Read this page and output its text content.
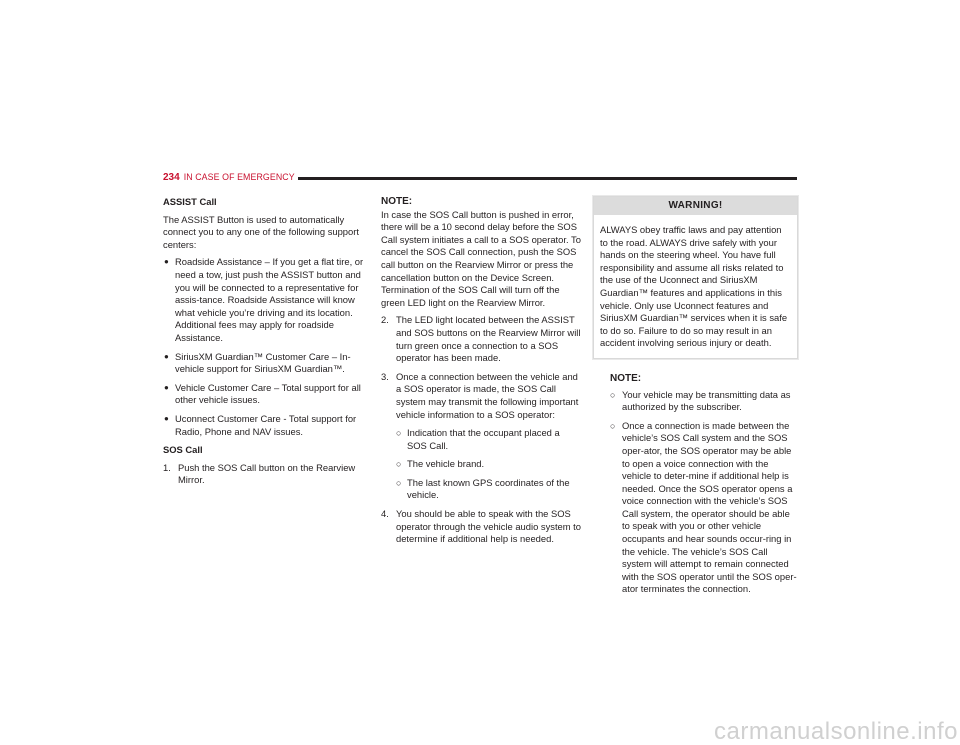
234 IN CASE OF EMERGENCY

ASSIST Call

The ASSIST Button is used to automatically connect you to any one of the following support centers:

● Roadside Assistance – If you get a flat tire, or need a tow, just push the ASSIST button and you will be connected to a representative for assis-tance. Roadside Assistance will know what vehicle you’re driving and its location. Additional fees may apply for roadside Assistance.
● SiriusXM Guardian™ Customer Care – In-vehicle support for SiriusXM Guardian™.
● Vehicle Customer Care – Total support for all other vehicle issues.
● Uconnect Customer Care - Total support for Radio, Phone and NAV issues.

SOS Call

1. Push the SOS Call button on the Rearview Mirror.

NOTE:

In case the SOS Call button is pushed in error, there will be a 10 second delay before the SOS Call system initiates a call to a SOS operator. To cancel the SOS Call connection, push the SOS call button on the Rearview Mirror or press the cancellation button on the Device Screen. Termination of the SOS Call will turn off the green LED light on the Rearview Mirror.

2. The LED light located between the ASSIST and SOS buttons on the Rearview Mirror will turn green once a connection to a SOS operator has been made.
3. Once a connection between the vehicle and a SOS operator is made, the SOS Call system may transmit the following important vehicle information to a SOS operator:
○ Indication that the occupant placed a SOS Call.
○ The vehicle brand.
○ The last known GPS coordinates of the vehicle.
4. You should be able to speak with the SOS operator through the vehicle audio system to determine if additional help is needed.
WARNING!
ALWAYS obey traffic laws and pay attention to the road. ALWAYS drive safely with your hands on the steering wheel. You have full responsibility and assume all risks related to the use of the Uconnect and SiriusXM Guardian™ features and applications in this vehicle. Only use Uconnect features and SiriusXM Guardian™ services when it is safe to do so. Failure to do so may result in an accident involving serious injury or death.

NOTE:

○ Your vehicle may be transmitting data as authorized by the subscriber.
○ Once a connection is made between the vehicle’s SOS Call system and the SOS oper-ator, the SOS operator may be able to open a voice connection with the vehicle to deter-mine if additional help is needed. Once the SOS operator opens a voice connection with the vehicle’s SOS Call system, the operator should be able to speak with you or other vehicle occupants and hear sounds occur-ring in the vehicle. The vehicle’s SOS Call system will attempt to remain connected with the SOS operator until the SOS oper-ator terminates the connection.
carmanualsonline.info
